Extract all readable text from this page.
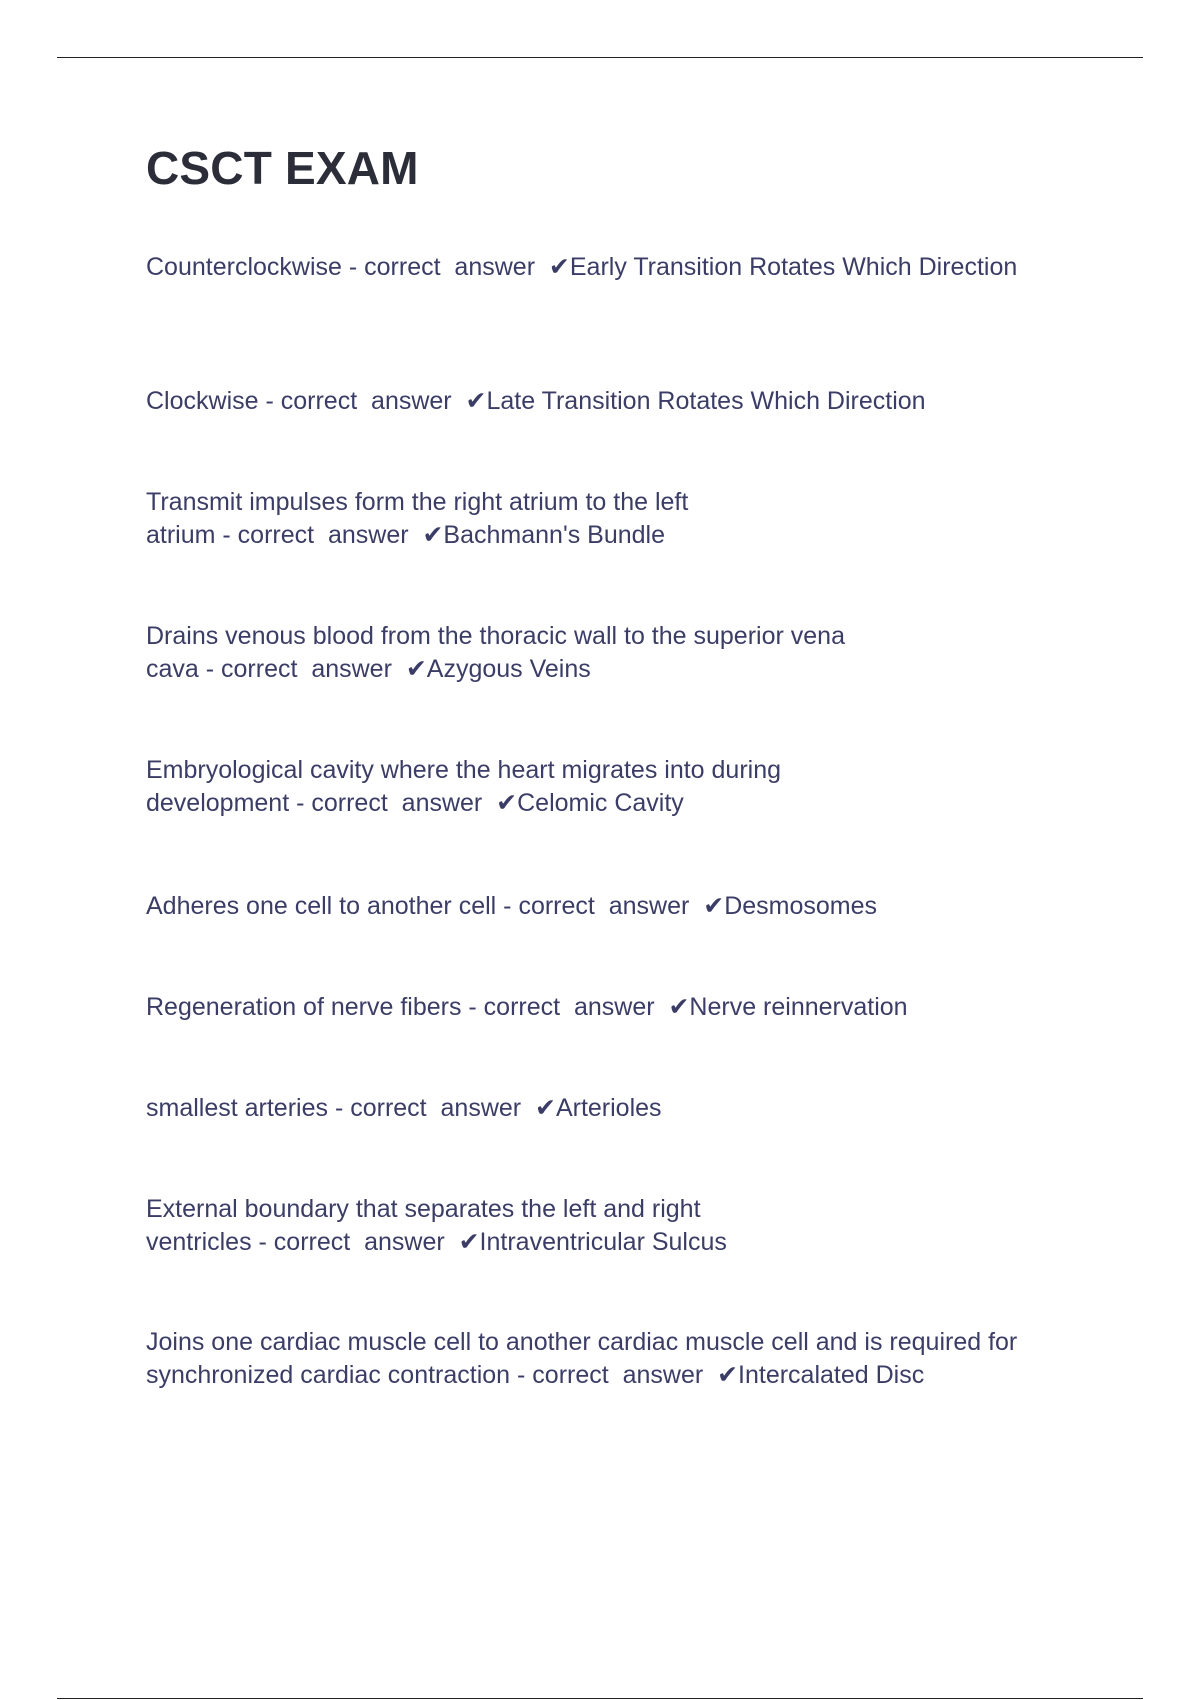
CSCT EXAM
Counterclockwise - correct  answer  ✔Early Transition Rotates Which Direction
Clockwise - correct  answer  ✔Late Transition Rotates Which Direction
Transmit impulses form the right atrium to the left atrium - correct  answer  ✔Bachmann's Bundle
Drains venous blood from the thoracic wall to the superior vena cava - correct  answer  ✔Azygous Veins
Embryological cavity where the heart migrates into during development - correct  answer  ✔Celomic Cavity
Adheres one cell to another cell - correct  answer  ✔Desmosomes
Regeneration of nerve fibers - correct  answer  ✔Nerve reinnervation
smallest arteries - correct  answer  ✔Arterioles
External boundary that separates the left and right ventricles - correct  answer  ✔Intraventricular Sulcus
Joins one cardiac muscle cell to another cardiac muscle cell and is required for synchronized cardiac contraction - correct  answer  ✔Intercalated Disc
